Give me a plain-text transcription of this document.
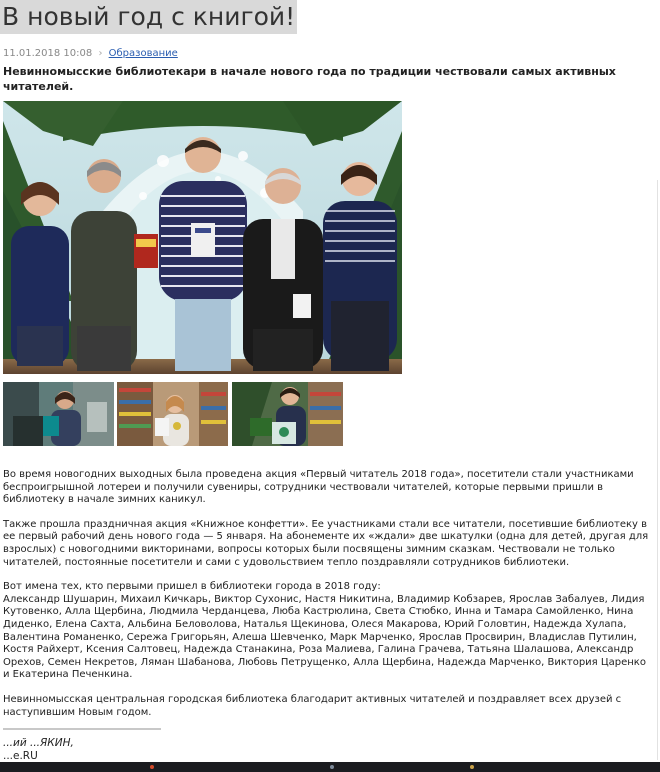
В новый год с книгой!
11.01.2018 10:08 › Образование
Невинномысские библиотекари в начале нового года по традиции чествовали самых активных читателей.

Во время новогодних выходных была проведена акция «Первый читатель 2018 года», посетители стали участниками беспроигрышной лотереи и получили сувениры, сотрудники чествовали читателей, которые первыми пришли в библиотеку в начале зимних каникул.

Также прошла праздничная акция «Книжное конфетти». Ее участниками стали все читатели, посетившие библиотеку в ее первый рабочий день нового года — 5 января. На абонементе их «ждали» две шкатулки (одна для детей, другая для взрослых) с новогодними викторинами, вопросы которых были посвящены зимним сказкам. Чествовали не только читателей, постоянные посетители и сами с удовольствием тепло поздравляли сотрудников библиотеки.

Вот имена тех, кто первыми пришел в библиотеки города в 2018 году:
Александр Шушарин, Михаил Кичкарь, Виктор Сухонис, Настя Никитина, Владимир Кобзарев, Ярослав Забалуев, Лидия Кутовенко, Алла Щербина, Людмила Черданцева, Люба Кастрюлина, Света Стюбко, Инна и Тамара Самойленко, Нина Диденко, Елена Сахта, Альбина Беловолова, Наталья Щекинова, Олеся Макарова, Юрий Головтин, Надежда Хулапа, Валентина Романенко, Сережа Григорьян, Алеша Шевченко, Марк Марченко, Ярослав Просвирин, Владислав Путилин, Костя Райхерт, Ксения Салтовец, Надежда Станакина, Роза Малиева, Галина Грачева, Татьяна Шалашова, Александр Орехов, Семен Некретов, Ляман Шабанова, Любовь Петрущенко, Алла Щербина, Надежда Марченко, Виктория Царенко и Екатерина Печенкина.

Невинномысская центральная городская библиотека благодарит активных читателей и поздравляет всех друзей с наступившим Новым годом.

...ий ...ЯКИН,
...e.RU
